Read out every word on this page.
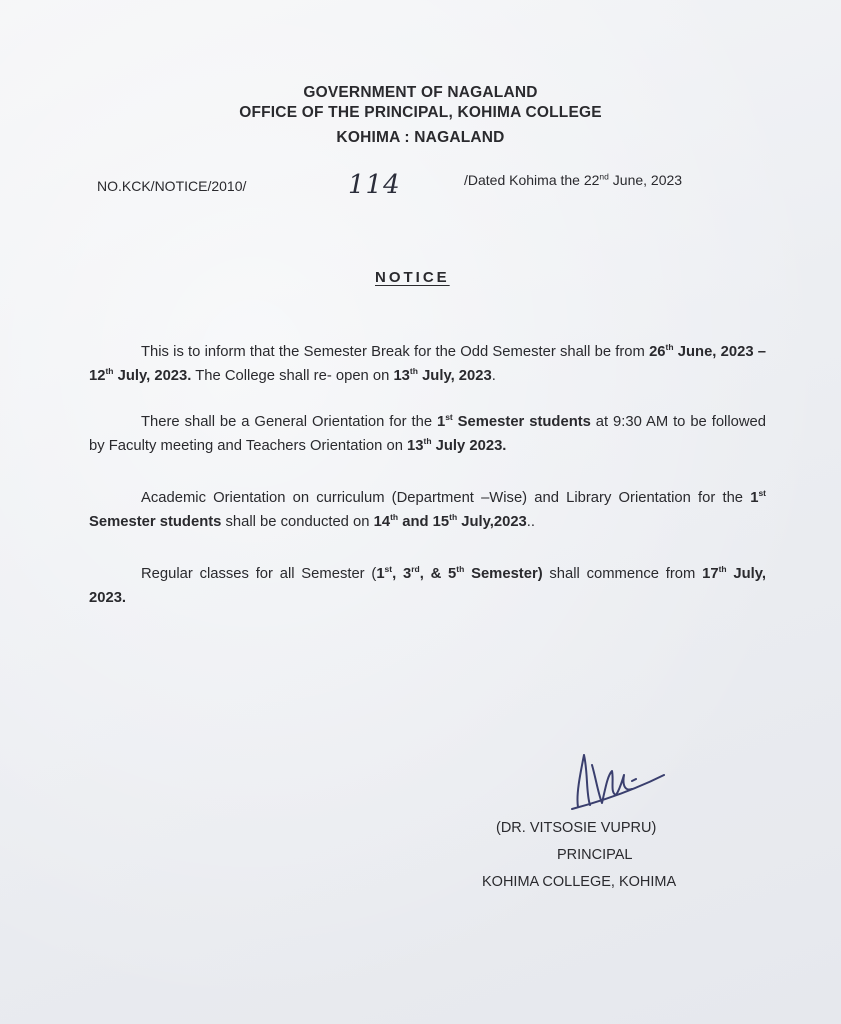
GOVERNMENT OF NAGALAND
OFFICE OF THE PRINCIPAL, KOHIMA COLLEGE
KOHIMA : NAGALAND
NO.KCK/NOTICE/2010/	114	/Dated Kohima the 22nd June, 2023
NOTICE

This is to inform that the Semester Break for the Odd Semester shall be from 26th June, 2023 – 12th July, 2023. The College shall re- open on 13th July, 2023.

There shall be a General Orientation for the 1st Semester students at 9:30 AM to be followed by Faculty meeting and Teachers Orientation on 13th July 2023.

Academic Orientation on curriculum (Department –Wise) and Library Orientation for the 1st Semester students shall be conducted on 14th and 15th July,2023..

Regular classes for all Semester (1st, 3rd, & 5th Semester) shall commence from 17th July, 2023.

(DR. VITSOSIE VUPRU)
PRINCIPAL
KOHIMA COLLEGE, KOHIMA
